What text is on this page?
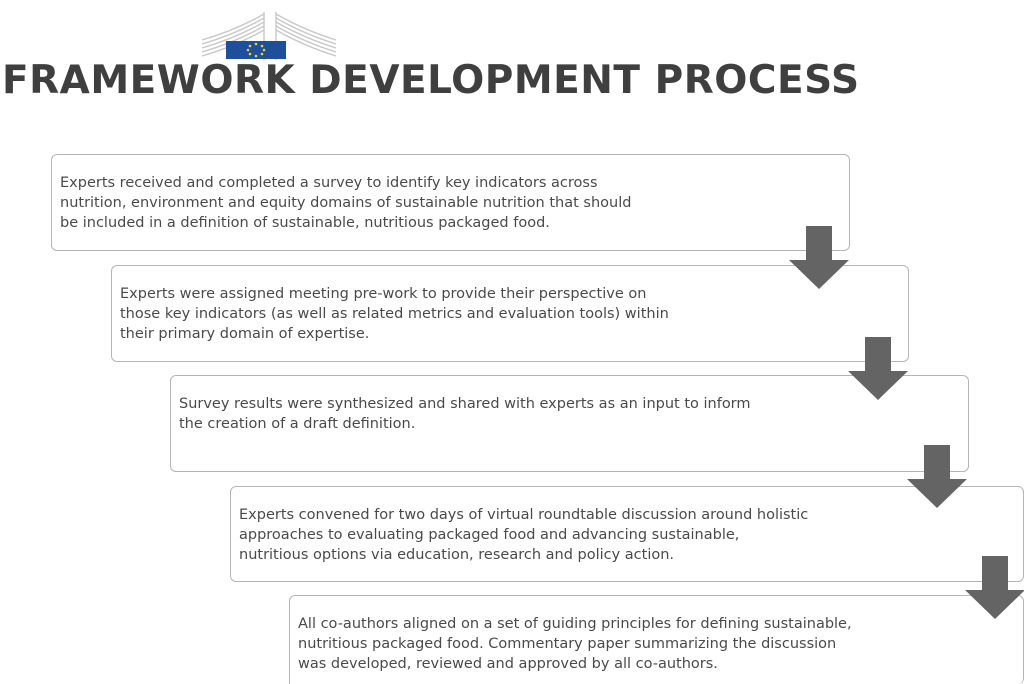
FRAMEWORK DEVELOPMENT PROCESS

Experts received and completed a survey to identify key indicators across
nutrition, environment and equity domains of sustainable nutrition that should
be included in a definition of sustainable, nutritious packaged food.

Experts were assigned meeting pre-work to provide their perspective on
those key indicators (as well as related metrics and evaluation tools) within
their primary domain of expertise.

Survey results were synthesized and shared with experts as an input to inform
the creation of a draft definition.

Experts convened for two days of virtual roundtable discussion around holistic
approaches to evaluating packaged food and advancing sustainable,
nutritious options via education, research and policy action.

All co-authors aligned on a set of guiding principles for defining sustainable,
nutritious packaged food. Commentary paper summarizing the discussion
was developed, reviewed and approved by all co-authors.
